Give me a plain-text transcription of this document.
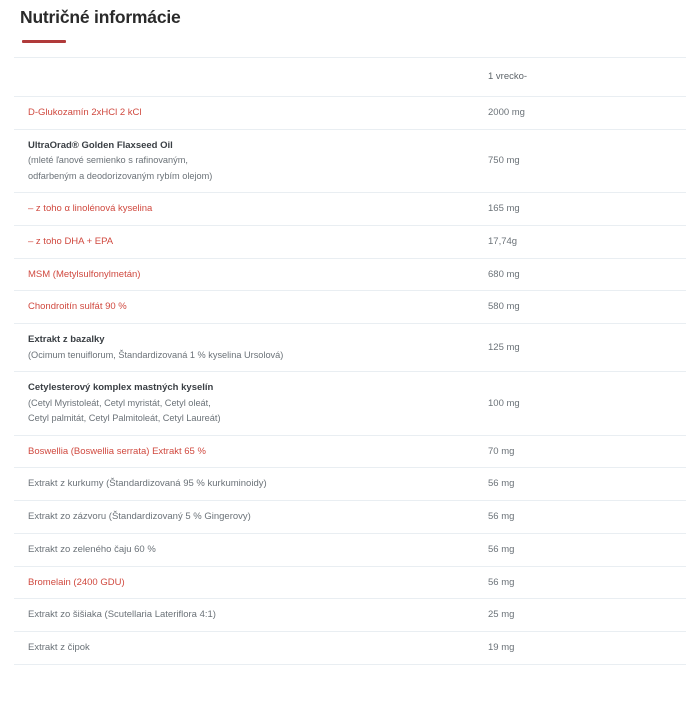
Nutričné informácie
	1 vrecko-

D-Glukozamín 2xHCl 2 kCl	2000 mg

UltraOrad® Golden Flaxseed Oil
(mleté ľanové semienko s rafinovaným,
odfarbeným a deodorizovaným rybím olejom)	750 mg

– z toho α linolénová kyselina	165 mg

– z toho DHA + EPA	17,74g

MSM (Metylsulfonylmetán)	680 mg

Chondroitín sulfát 90 %	580 mg

Extrakt z bazalky
(Ocimum tenuiflorum, Štandardizovaná 1 % kyselina Ursolová)	125 mg

Cetylesterový komplex mastných kyselín
(Cetyl Myristoleát, Cetyl myristát, Cetyl oleát,
Cetyl palmitát, Cetyl Palmitoleát, Cetyl Laureát)	100 mg

Boswellia (Boswellia serrata) Extrakt 65 %	70 mg

Extrakt z kurkumy (Štandardizovaná 95 % kurkuminoidy)	56 mg

Extrakt zo zázvoru (Štandardizovaný 5 % Gingerovy)	56 mg

Extrakt zo zeleného čaju 60 %	56 mg

Bromelain (2400 GDU)	56 mg

Extrakt zo šišiaka (Scutellaria Lateriflora 4:1)	25 mg

Extrakt z čipok	19 mg
